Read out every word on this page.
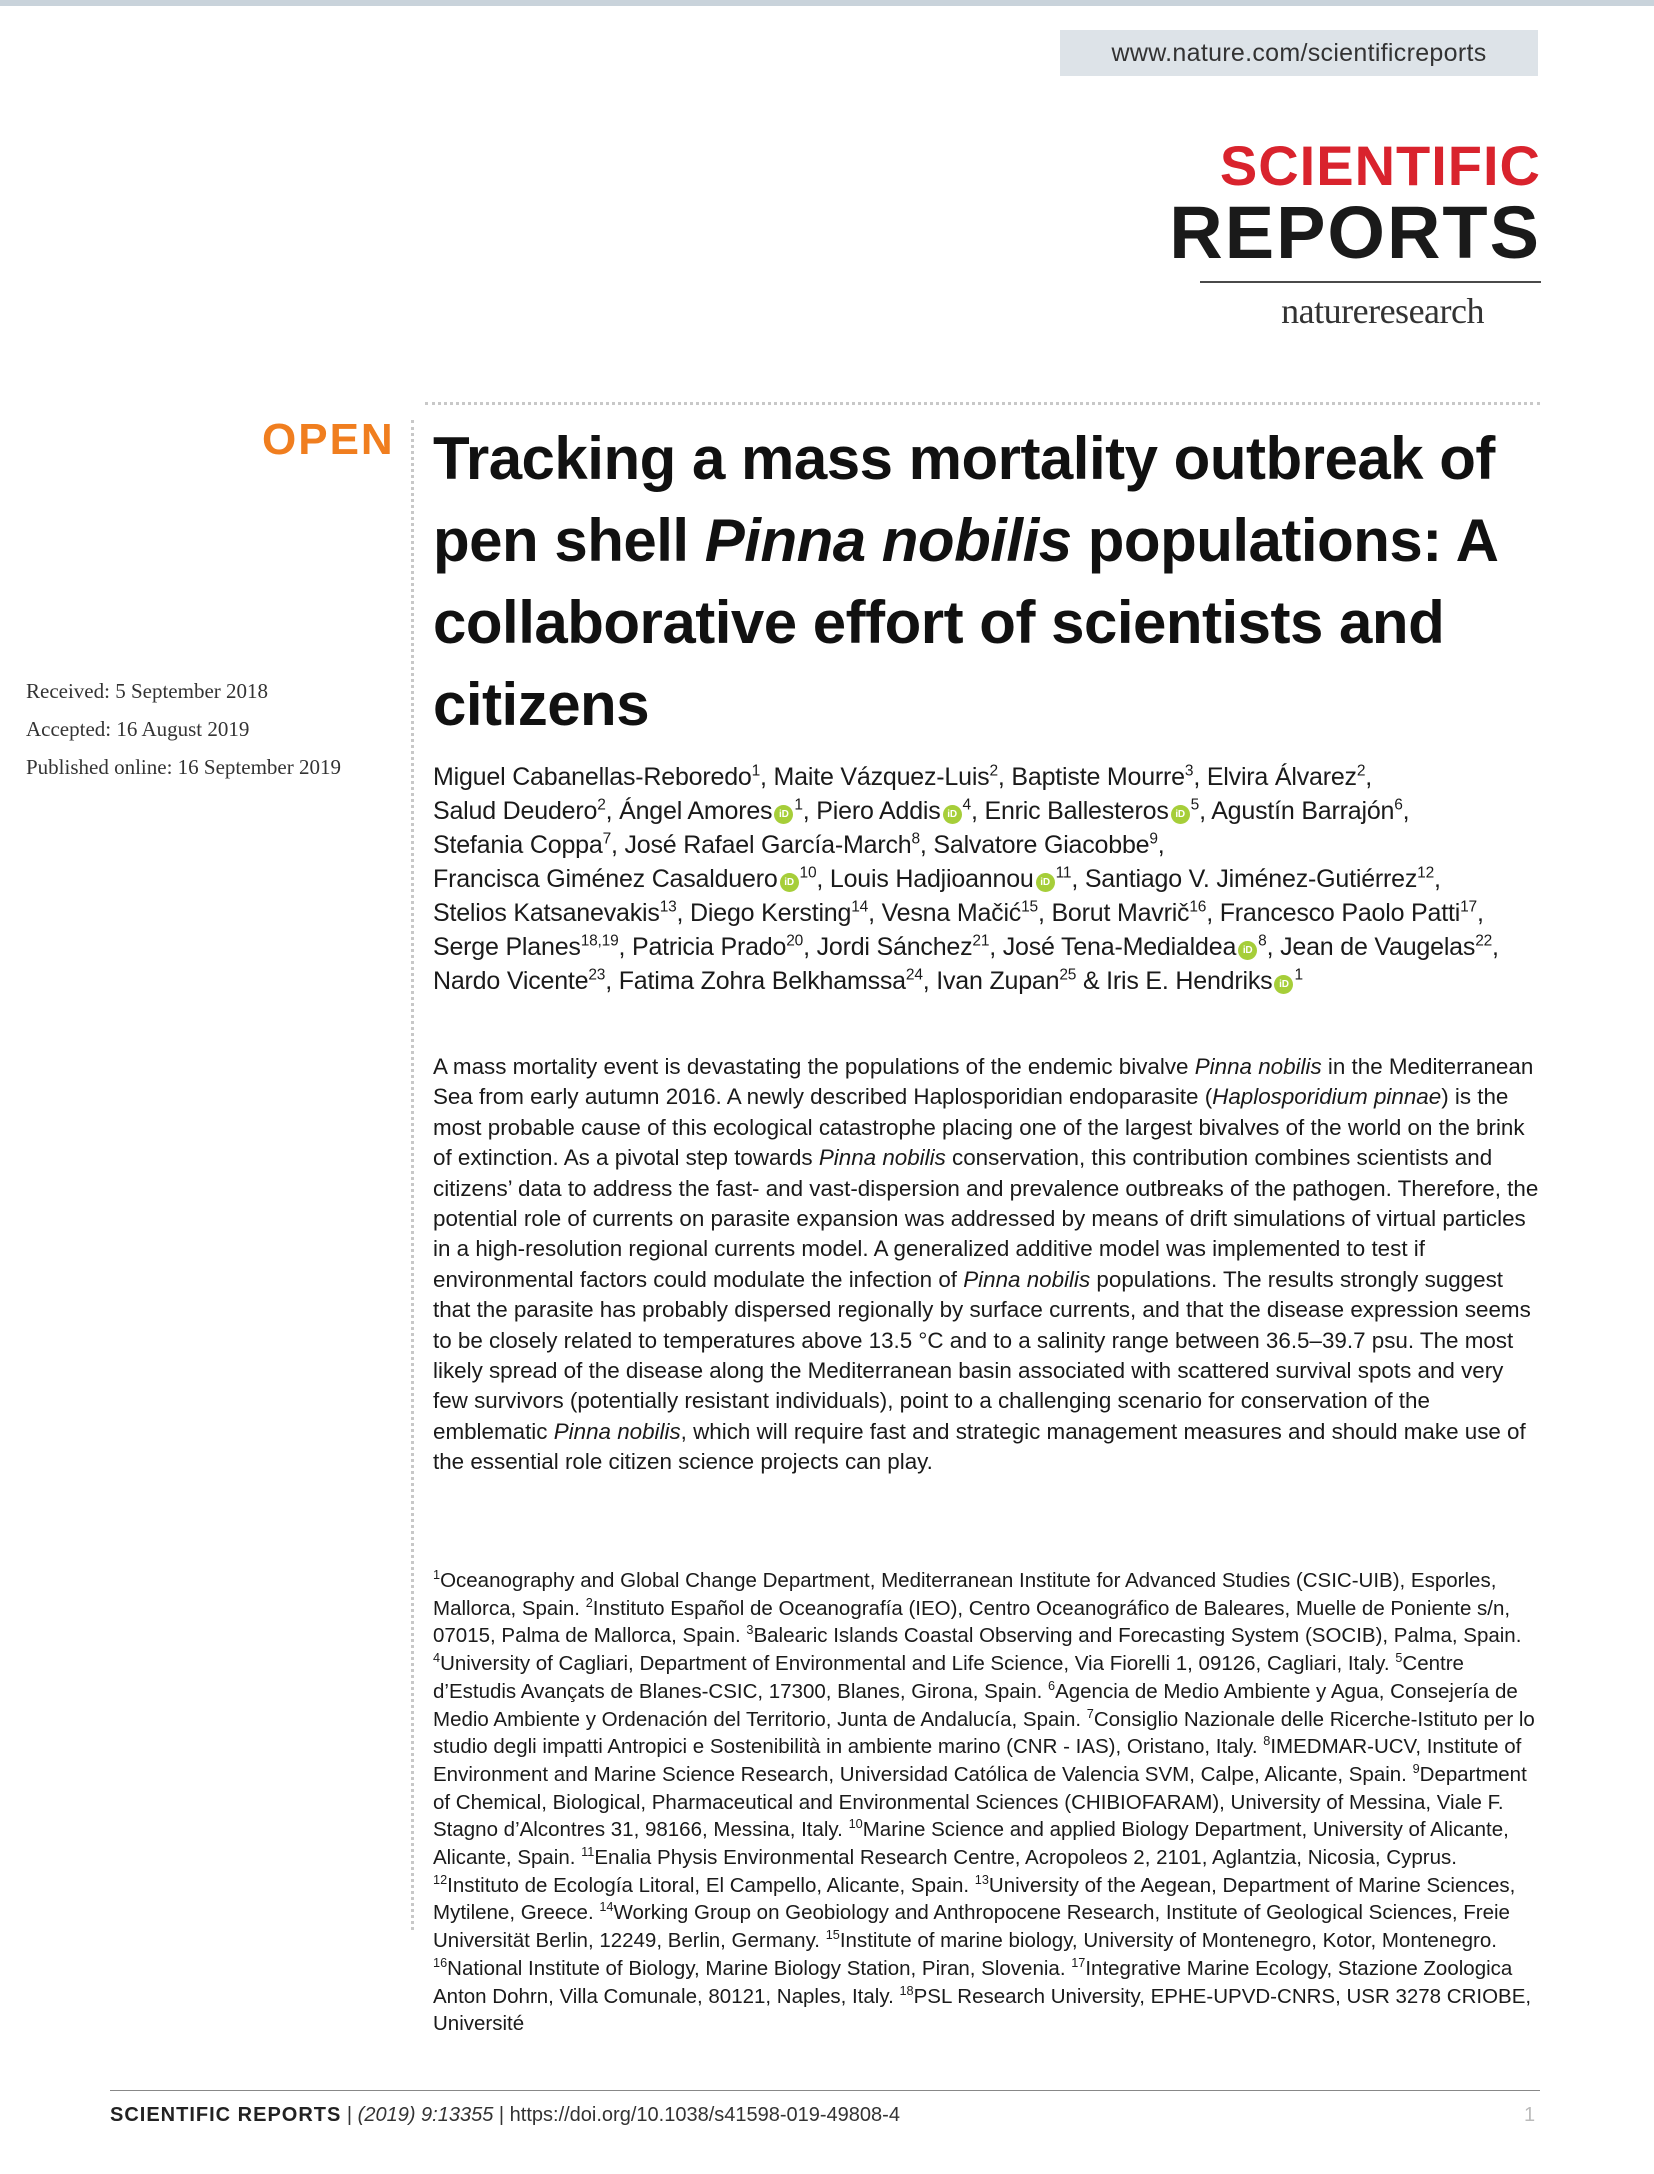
www.nature.com/scientificreports
SCIENTIFIC
REPORTS
natureresearch
OPEN Tracking a mass mortality outbreak of pen shell Pinna nobilis populations: A collaborative effort of scientists and citizens
Received: 5 September 2018
Accepted: 16 August 2019
Published online: 16 September 2019	Miguel Cabanellas-Reboredo$^1$, Maite Vázquez-Luis$^2$, Baptiste Mourre$^3$, Elvira Álvarez$^2$, Salud Deudero$^2$, Ángel Amores $iD^1$, Piero Addis $iD^4$, Enric Ballesteros $iD^5$, Agustín Barrajón$^6$, Stefania Coppa$^7$, José Rafael García-March$^8$, Salvatore Giacobbe$^9$, Francisca Giménez Casalduero $iD^{10}$, Louis Hadjioannou $iD^{11}$, Santiago V. Jiménez-Gutiérrez$^{12}$, Stelios Katsanevakis$^{13}$, Diego Kersting$^{14}$, Vesna Mačić$^{15}$, Borut Mavrič$^{16}$, Francesco Paolo Patti$^{17}$, Serge Planes$^{18,19}$, Patricia Prado$^{20}$, Jordi Sánchez$^{21}$, José Tena-Medialdea $iD^8$, Jean de Vaugelas$^{22}$, Nardo Vicente$^{23}$, Fatima Zohra Belkhamssa$^{24}$, Ivan Zupan$^{25}$ & Iris E. Hendriks $iD^1$

A mass mortality event is devastating the populations of the endemic bivalve Pinna nobilis in the Mediterranean Sea from early autumn 2016. A newly described Haplosporidian endoparasite (Haplosporidium pinnae) is the most probable cause of this ecological catastrophe placing one of the largest bivalves of the world on the brink of extinction. As a pivotal step towards Pinna nobilis conservation, this contribution combines scientists and citizens’ data to address the fast- and vast-dispersion and prevalence outbreaks of the pathogen. Therefore, the potential role of currents on parasite expansion was addressed by means of drift simulations of virtual particles in a high-resolution regional currents model. A generalized additive model was implemented to test if environmental factors could modulate the infection of Pinna nobilis populations. The results strongly suggest that the parasite has probably dispersed regionally by surface currents, and that the disease expression seems to be closely related to temperatures above 13.5 °C and to a salinity range between 36.5–39.7 psu. The most likely spread of the disease along the Mediterranean basin associated with scattered survival spots and very few survivors (potentially resistant individuals), point to a challenging scenario for conservation of the emblematic Pinna nobilis, which will require fast and strategic management measures and should make use of the essential role citizen science projects can play.

$^1$Oceanography and Global Change Department, Mediterranean Institute for Advanced Studies (CSIC-UIB), Esporles, Mallorca, Spain. $^2$Instituto Español de Oceanografía (IEO), Centro Oceanográfico de Baleares, Muelle de Poniente s/n, 07015, Palma de Mallorca, Spain. $^3$Balearic Islands Coastal Observing and Forecasting System (SOCIB), Palma, Spain. $^4$University of Cagliari, Department of Environmental and Life Science, Via Fiorelli 1, 09126, Cagliari, Italy. $^5$Centre d’Estudis Avançats de Blanes-CSIC, 17300, Blanes, Girona, Spain. $^6$Agencia de Medio Ambiente y Agua, Consejería de Medio Ambiente y Ordenación del Territorio, Junta de Andalucía, Spain. $^7$Consiglio Nazionale delle Ricerche-Istituto per lo studio degli impatti Antropici e Sostenibilità in ambiente marino (CNR - IAS), Oristano, Italy. $^8$IMEDMAR-UCV, Institute of Environment and Marine Science Research, Universidad Católica de Valencia SVM, Calpe, Alicante, Spain. $^9$Department of Chemical, Biological, Pharmaceutical and Environmental Sciences (CHIBIOFARAM), University of Messina, Viale F. Stagno d’Alcontres 31, 98166, Messina, Italy. $^{10}$Marine Science and applied Biology Department, University of Alicante, Alicante, Spain. $^{11}$Enalia Physis Environmental Research Centre, Acropoleos 2, 2101, Aglantzia, Nicosia, Cyprus. $^{12}$Instituto de Ecología Litoral, El Campello, Alicante, Spain. $^{13}$University of the Aegean, Department of Marine Sciences, Mytilene, Greece. $^{14}$Working Group on Geobiology and Anthropocene Research, Institute of Geological Sciences, Freie Universität Berlin, 12249, Berlin, Germany. $^{15}$Institute of marine biology, University of Montenegro, Kotor, Montenegro. $^{16}$National Institute of Biology, Marine Biology Station, Piran, Slovenia. $^{17}$Integrative Marine Ecology, Stazione Zoologica Anton Dohrn, Villa Comunale, 80121, Naples, Italy. $^{18}$PSL Research University, EPHE-UPVD-CNRS, USR 3278 CRIOBE, Université

SCIENTIFIC REPORTS | (2019) 9:13355 | https://doi.org/10.1038/s41598-019-49808-4	1
